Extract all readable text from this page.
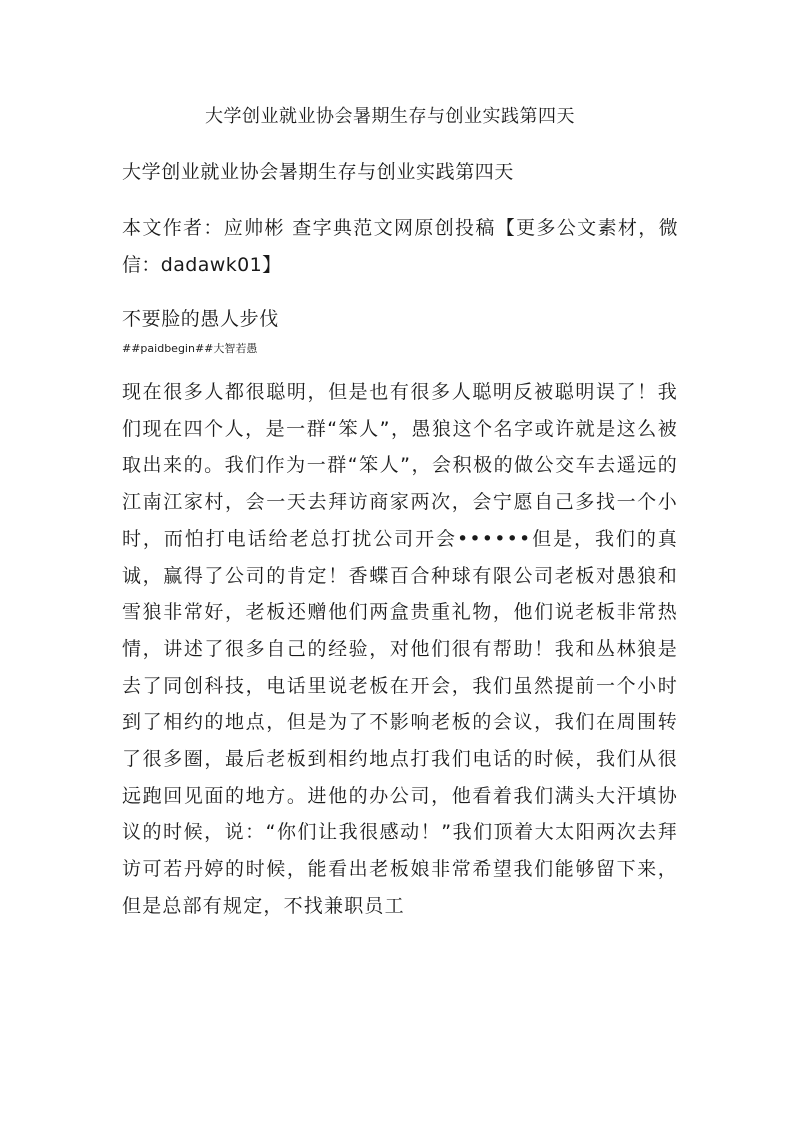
大学创业就业协会暑期生存与创业实践第四天

大学创业就业协会暑期生存与创业实践第四天

本文作者：应帅彬 查字典范文网原创投稿【更多公文素材，微信：dadawk01】

不要脸的愚人步伐

##paidbegin##大智若愚

现在很多人都很聪明，但是也有很多人聪明反被聪明误了！我们现在四个人，是一群“笨人”，愚狼这个名字或许就是这么被取出来的。我们作为一群“笨人”，会积极的做公交车去遥远的江南江家村，会一天去拜访商家两次，会宁愿自己多找一个小时，而怕打电话给老总打扰公司开会••••••但是，我们的真诚，赢得了公司的肯定！香蝶百合种球有限公司老板对愚狼和雪狼非常好，老板还赠他们两盒贵重礼物，他们说老板非常热情，讲述了很多自己的经验，对他们很有帮助！我和丛林狼是去了同创科技，电话里说老板在开会，我们虽然提前一个小时到了相约的地点，但是为了不影响老板的会议，我们在周围转了很多圈，最后老板到相约地点打我们电话的时候，我们从很远跑回见面的地方。进他的办公司，他看着我们满头大汗填协议的时候，说：“你们让我很感动！”我们顶着大太阳两次去拜访可若丹婷的时候，能看出老板娘非常希望我们能够留下来，但是总部有规定，不找兼职员工
